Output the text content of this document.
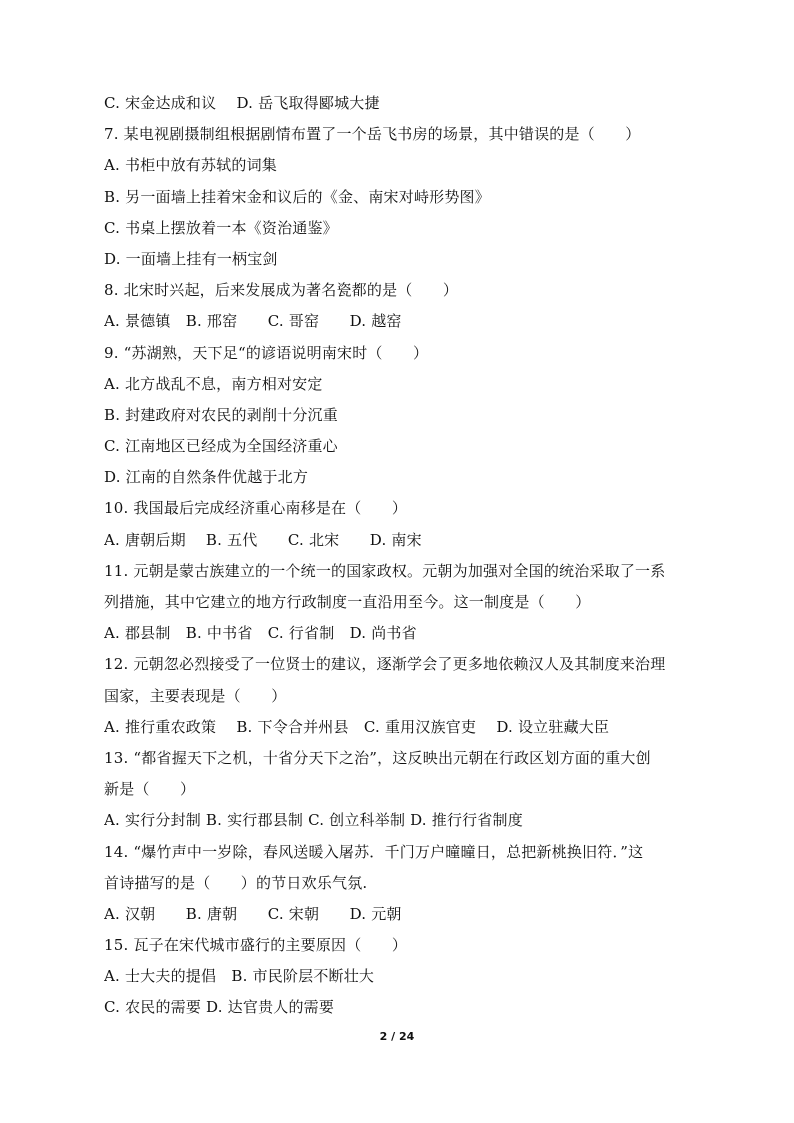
C. 宋金达成和议　 D. 岳飞取得郾城大捷
7. 某电视剧摄制组根据剧情布置了一个岳飞书房的场景，其中错误的是（　　）
A. 书柜中放有苏轼的词集
B. 另一面墙上挂着宋金和议后的《金、南宋对峙形势图》
C. 书桌上摆放着一本《资治通鉴》
D. 一面墙上挂有一柄宝剑
8. 北宋时兴起，后来发展成为著名瓷都的是（　　）
A. 景德镇　B. 邢窑　　C. 哥窑　　D. 越窑
9. “苏湖熟，天下足“的谚语说明南宋时（　　）
A. 北方战乱不息，南方相对安定
B. 封建政府对农民的剥削十分沉重
C. 江南地区已经成为全国经济重心
D. 江南的自然条件优越于北方
10. 我国最后完成经济重心南移是在（　　）
A. 唐朝后期　 B. 五代　　C. 北宋　　D. 南宋
11. 元朝是蒙古族建立的一个统一的国家政权。元朝为加强对全国的统治采取了一系
列措施，其中它建立的地方行政制度一直沿用至今。这一制度是（　　）
A. 郡县制　B. 中书省　C. 行省制　D. 尚书省
12. 元朝忽必烈接受了一位贤士的建议，逐渐学会了更多地依赖汉人及其制度来治理
国家，主要表现是（　　）
A. 推行重农政策　 B. 下令合并州县　C. 重用汉族官吏　 D. 设立驻藏大臣
13. “都省握天下之机，十省分天下之治”，这反映出元朝在行政区划方面的重大创
新是（　　）
A. 实行分封制 B. 实行郡县制 C. 创立科举制 D. 推行行省制度
14. “爆竹声中一岁除，春风送暖入屠苏．千门万户曈曈日，总把新桃换旧符．”这
首诗描写的是（　　）的节日欢乐气氛.
A. 汉朝　　B. 唐朝　　C. 宋朝　　D. 元朝
15. 瓦子在宋代城市盛行的主要原因（　　）
A. 士大夫的提倡　B. 市民阶层不断壮大
C. 农民的需要 D. 达官贵人的需要
2 / 24
